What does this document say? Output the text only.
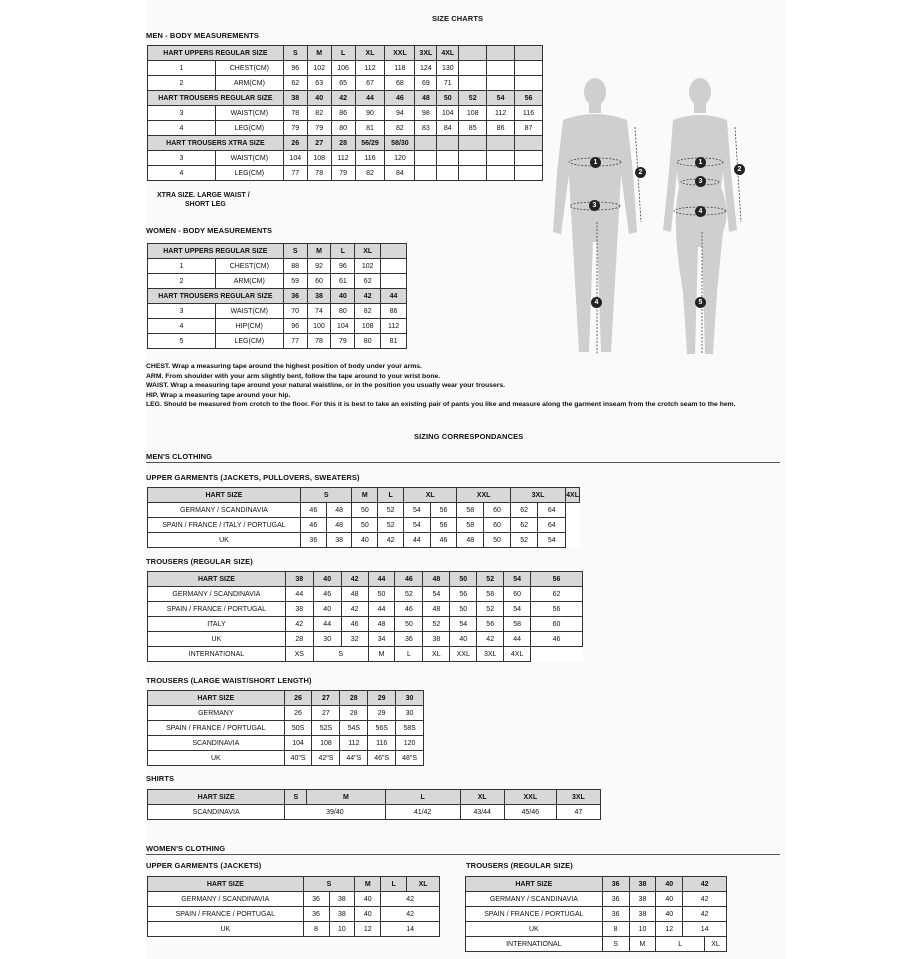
SIZE CHARTS
MEN - BODY MEASUREMENTS
HART UPPERS REGULAR SIZE		S	M	L	XL	XXL	3XL	4XL			
1	CHEST(CM)	96	102	106	112	118	124	130			
2	ARM(CM)	62	63	65	67	68	69	71			
HART TROUSERS REGULAR SIZE		38	40	42	44	46	48	50	52	54	56
3	WAIST(CM)	78	82	86	90	94	98	104	108	112	116
4	LEG(CM)	79	79	80	81	82	83	84	85	86	87
HART TROUSERS XTRA SIZE		26	27	28	56/29	58/30					
3	WAIST(CM)	104	108	112	116	120					
4	LEG(CM)	77	78	79	82	84					
XTRA SIZE. LARGE WAIST /
SHORT LEG
WOMEN - BODY MEASUREMENTS
HART UPPERS REGULAR SIZE		S	M	L	XL	
1	CHEST(CM)	88	92	96	102	
2	ARM(CM)	59	60	61	62	
HART TROUSERS REGULAR SIZE		36	38	40	42	44
3	WAIST(CM)	70	74	80	82	86
4	HIP(CM)	96	100	104	108	112
5	LEG(CM)	77	78	79	80	81
CHEST. Wrap a measuring tape around the highest position of body under your arms.
ARM. From shoulder with your arm slightly bent, follow the tape around to your wrist bone.
WAIST. Wrap a measuring tape around your natural waistline, or in the position you usually wear your trousers.
HIP. Wrap a measuring tape around your hip.
LEG. Should be measured from crotch to the floor. For this it is best to take an existing pair of pants you like and measure along the garment inseam from the crotch seam to the hem.
1
2
3
4
1
2
3
4
5
SIZING CORRESPONDANCES
MEN'S CLOTHING
UPPER GARMENTS (JACKETS, PULLOVERS, SWEATERS)
HART SIZE	S		M	L	XL		XXL		3XL		4XL
GERMANY / SCANDINAVIA	46	48	50	52	54	56	58	60	62	64	
SPAIN / FRANCE / ITALY / PORTUGAL	46	48	50	52	54	56	58	60	62	64	
UK	36	38	40	42	44	46	48	50	52	54	
TROUSERS (REGULAR SIZE)
HART SIZE	38	40	42	44	46	48	50	52	54	56
GERMANY / SCANDINAVIA	44	46	48	50	52	54	56	58	60	62
SPAIN / FRANCE / PORTUGAL	38	40	42	44	46	48	50	52	54	56
ITALY	42	44	46	48	50	52	54	56	58	60
UK	28	30	32	34	36	38	40	42	44	46
INTERNATIONAL	XS	S		M	L	XL	XXL	3XL	4XL	
TROUSERS (LARGE WAIST/SHORT LENGTH)
HART SIZE	26	27	28	29	30
GERMANY	26	27	28	29	30
SPAIN / FRANCE / PORTUGAL	50S	52S	54S	56S	58S
SCANDINAVIA	104	108	112	116	120
UK	40"S	42"S	44"S	46"S	48"S
SHIRTS
HART SIZE	S	M	L	XL	XXL	3XL
SCANDINAVIA	39/40		41/42	43/44	45/46	47
WOMEN'S CLOTHING
UPPER GARMENTS (JACKETS)
HART SIZE	S		M	L	XL
GERMANY / SCANDINAVIA	36	38	40	42	
SPAIN / FRANCE / PORTUGAL	36	38	40	42	
UK	8	10	12	14	
TROUSERS (REGULAR SIZE)
HART SIZE	36	38	40	42	
GERMANY / SCANDINAVIA	36	38	40	42	
SPAIN / FRANCE / PORTUGAL	36	38	40	42	
UK	8	10	12	14	
INTERNATIONAL	S	M	L		XL
